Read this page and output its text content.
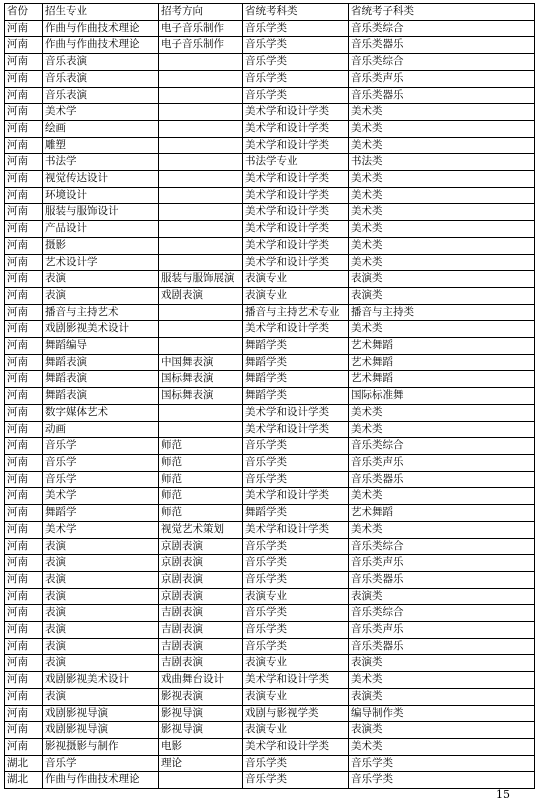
省份	招生专业	招考方向	省统考科类	省统考子科类
河南	作曲与作曲技术理论	电子音乐制作	音乐学类	音乐类综合
河南	作曲与作曲技术理论	电子音乐制作	音乐学类	音乐类器乐
河南	音乐表演		音乐学类	音乐类综合
河南	音乐表演		音乐学类	音乐类声乐
河南	音乐表演		音乐学类	音乐类器乐
河南	美术学		美术学和设计学类	美术类
河南	绘画		美术学和设计学类	美术类
河南	雕塑		美术学和设计学类	美术类
河南	书法学		书法学专业	书法类
河南	视觉传达设计		美术学和设计学类	美术类
河南	环境设计		美术学和设计学类	美术类
河南	服装与服饰设计		美术学和设计学类	美术类
河南	产品设计		美术学和设计学类	美术类
河南	摄影		美术学和设计学类	美术类
河南	艺术设计学		美术学和设计学类	美术类
河南	表演	服装与服饰展演	表演专业	表演类
河南	表演	戏剧表演	表演专业	表演类
河南	播音与主持艺术		播音与主持艺术专业	播音与主持类
河南	戏剧影视美术设计		美术学和设计学类	美术类
河南	舞蹈编导		舞蹈学类	艺术舞蹈
河南	舞蹈表演	中国舞表演	舞蹈学类	艺术舞蹈
河南	舞蹈表演	国标舞表演	舞蹈学类	艺术舞蹈
河南	舞蹈表演	国标舞表演	舞蹈学类	国际标准舞
河南	数字媒体艺术		美术学和设计学类	美术类
河南	动画		美术学和设计学类	美术类
河南	音乐学	师范	音乐学类	音乐类综合
河南	音乐学	师范	音乐学类	音乐类声乐
河南	音乐学	师范	音乐学类	音乐类器乐
河南	美术学	师范	美术学和设计学类	美术类
河南	舞蹈学	师范	舞蹈学类	艺术舞蹈
河南	美术学	视觉艺术策划	美术学和设计学类	美术类
河南	表演	京剧表演	音乐学类	音乐类综合
河南	表演	京剧表演	音乐学类	音乐类声乐
河南	表演	京剧表演	音乐学类	音乐类器乐
河南	表演	京剧表演	表演专业	表演类
河南	表演	吉剧表演	音乐学类	音乐类综合
河南	表演	吉剧表演	音乐学类	音乐类声乐
河南	表演	吉剧表演	音乐学类	音乐类器乐
河南	表演	吉剧表演	表演专业	表演类
河南	戏剧影视美术设计	戏曲舞台设计	美术学和设计学类	美术类
河南	表演	影视表演	表演专业	表演类
河南	戏剧影视导演	影视导演	戏剧与影视学类	编导制作类
河南	戏剧影视导演	影视导演	表演专业	表演类
河南	影视摄影与制作	电影	美术学和设计学类	美术类
湖北	音乐学	理论	音乐学类	音乐学类
湖北	作曲与作曲技术理论		音乐学类	音乐学类
15
